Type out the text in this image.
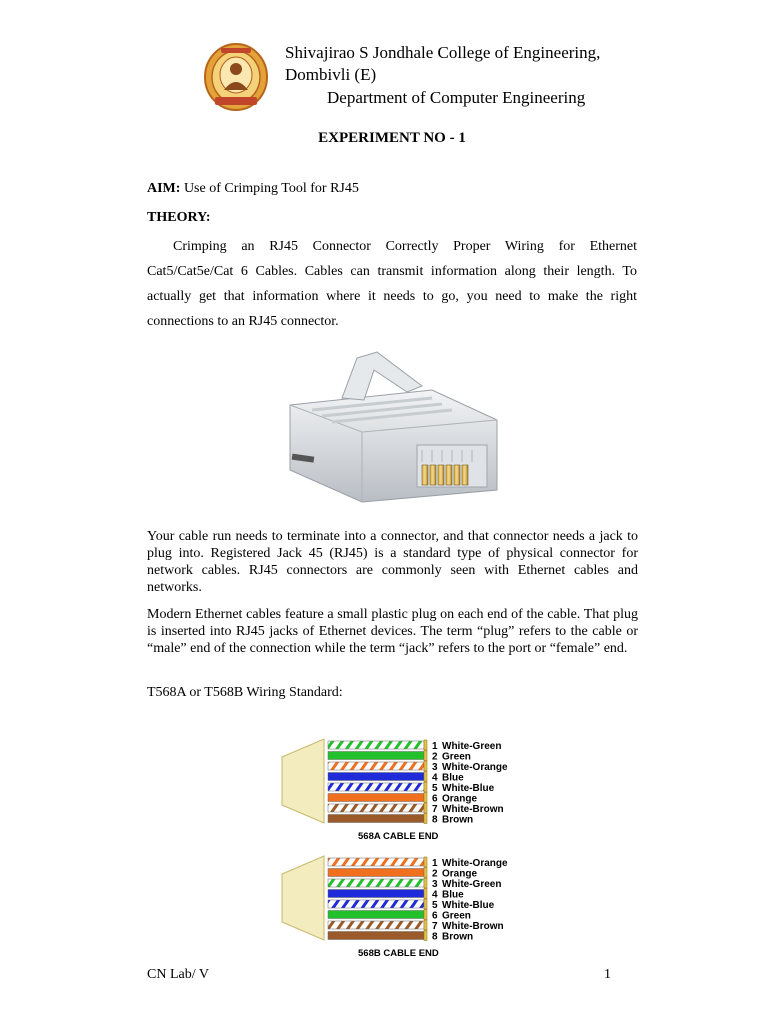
Shivajirao S Jondhale College of Engineering,
Dombivli (E)
Department of Computer Engineering
EXPERIMENT NO - 1
AIM: Use of Crimping Tool for RJ45
THEORY:
Crimping an RJ45 Connector Correctly Proper Wiring for Ethernet Cat5/Cat5e/Cat 6 Cables. Cables can transmit information along their length. To actually get that information where it needs to go, you need to make the right connections to an RJ45 connector.
Your cable run needs to terminate into a connector, and that connector needs a jack to plug into. Registered Jack 45 (RJ45) is a standard type of physical connector for network cables. RJ45 connectors are commonly seen with Ethernet cables and networks.
Modern Ethernet cables feature a small plastic plug on each end of the cable. That plug is inserted into RJ45 jacks of Ethernet devices. The term “plug” refers to the cable or “male” end of the connection while the term “jack” refers to the port or “female” end.
T568A or T568B Wiring Standard:
1 White-Green
2 Green
3 White-Orange
4 Blue
5 White-Blue
6 Orange
7 White-Brown
8 Brown
568A CABLE END
1 White-Orange
2 Orange
3 White-Green
4 Blue
5 White-Blue
6 Green
7 White-Brown
8 Brown
568B CABLE END
CN Lab/ V	1
